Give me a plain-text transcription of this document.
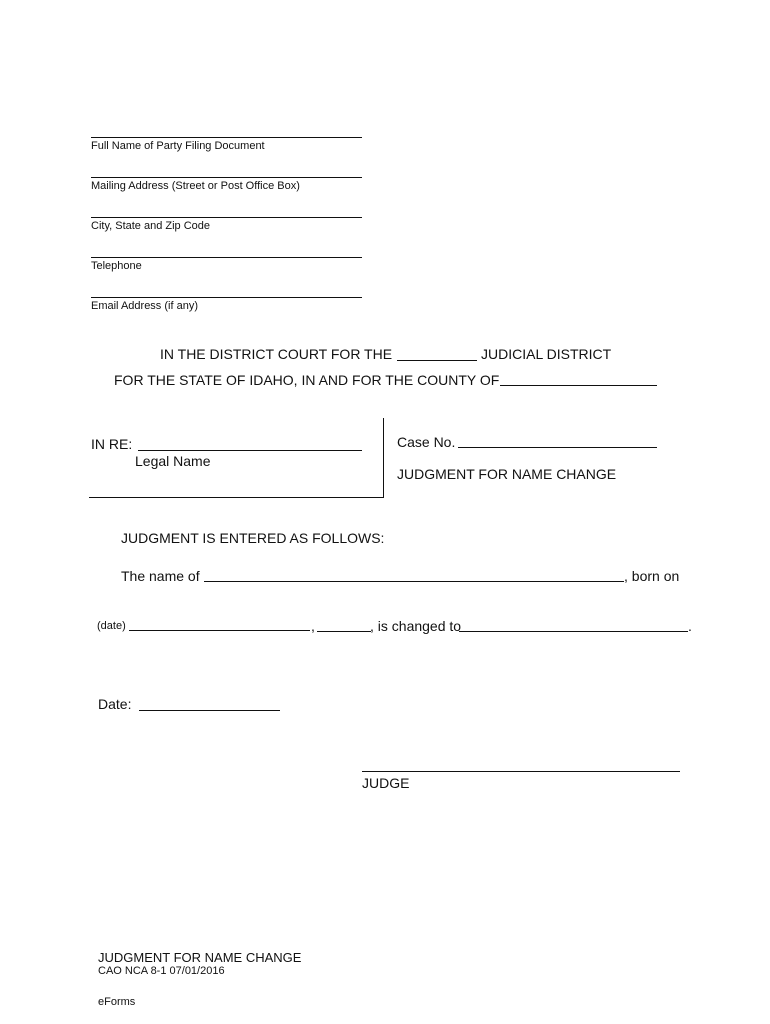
Full Name of Party Filing Document
Mailing Address (Street or Post Office Box)
City, State and Zip Code
Telephone
Email Address (if any)
IN THE DISTRICT COURT FOR THE	JUDICIAL DISTRICT
FOR THE STATE OF IDAHO, IN AND FOR THE COUNTY OF
IN RE:
Legal Name
Case No.
JUDGMENT FOR NAME CHANGE
JUDGMENT IS ENTERED AS FOLLOWS:
The name of	, born on
(date)	,	, is changed to	.
Date:
JUDGE
JUDGMENT FOR NAME CHANGE
CAO NCA 8-1 07/01/2016
eForms
